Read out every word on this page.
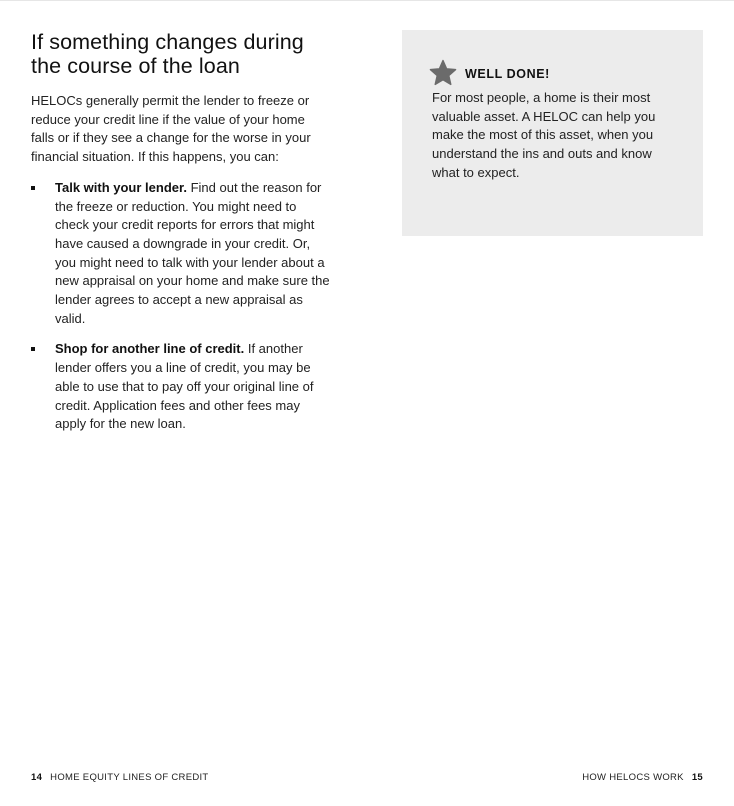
If something changes during the course of the loan

HELOCs generally permit the lender to freeze or reduce your credit line if the value of your home falls or if they see a change for the worse in your financial situation. If this happens, you can:

Talk with your lender. Find out the reason for the freeze or reduction. You might need to check your credit reports for errors that might have caused a downgrade in your credit. Or, you might need to talk with your lender about a new appraisal on your home and make sure the lender agrees to accept a new appraisal as valid.
Shop for another line of credit. If another lender offers you a line of credit, you may be able to use that to pay off your original line of credit. Application fees and other fees may apply for the new loan.
WELL DONE!

For most people, a home is their most valuable asset. A HELOC can help you make the most of this asset, when you understand the ins and outs and know what to expect.

14 HOME EQUITY LINES OF CREDIT	HOW HELOCS WORK 15
